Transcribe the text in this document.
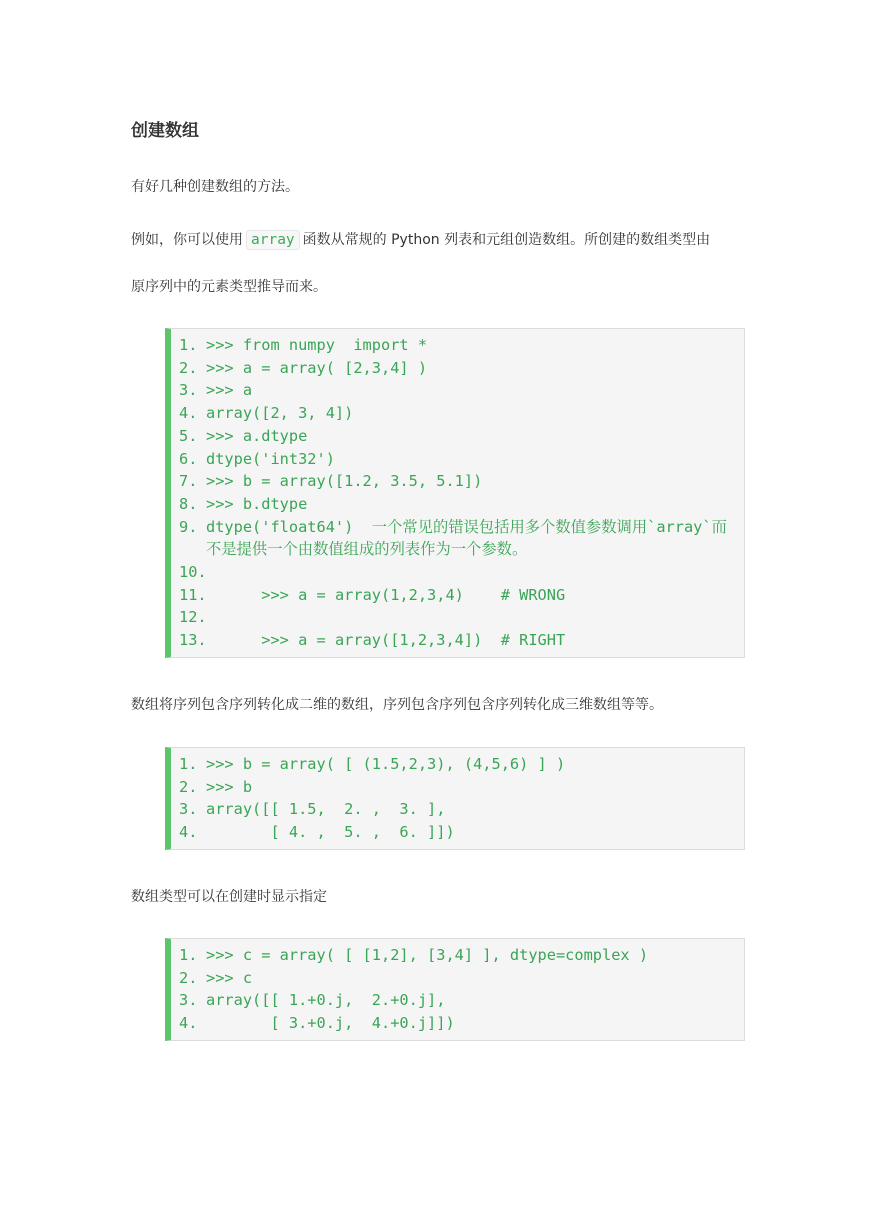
创建数组
有好几种创建数组的方法。
例如，你可以使用 array 函数从常规的 Python 列表和元组创造数组。所创建的数组类型由
原序列中的元素类型推导而来。
1. >>> from numpy  import *
2. >>> a = array( [2,3,4] )
3. >>> a
4. array([2, 3, 4])
5. >>> a.dtype
6. dtype('int32')
7. >>> b = array([1.2, 3.5, 5.1])
8. >>> b.dtype
9. dtype('float64')  一个常见的错误包括用多个数值参数调用`array`而不是提供一个由数值组成的列表作为一个参数。
10.
11. >>> a = array(1,2,3,4)    # WRONG
12.
13. >>> a = array([1,2,3,4])  # RIGHT
数组将序列包含序列转化成二维的数组，序列包含序列包含序列转化成三维数组等等。
1. >>> b = array( [ (1.5,2,3), (4,5,6) ] )
2. >>> b
3. array([[ 1.5,  2. ,  3. ],
4. [ 4. ,  5. ,  6. ]])
数组类型可以在创建时显示指定
1. >>> c = array( [ [1,2], [3,4] ], dtype=complex )
2. >>> c
3. array([[ 1.+0.j,  2.+0.j],
4. [ 3.+0.j,  4.+0.j]])
